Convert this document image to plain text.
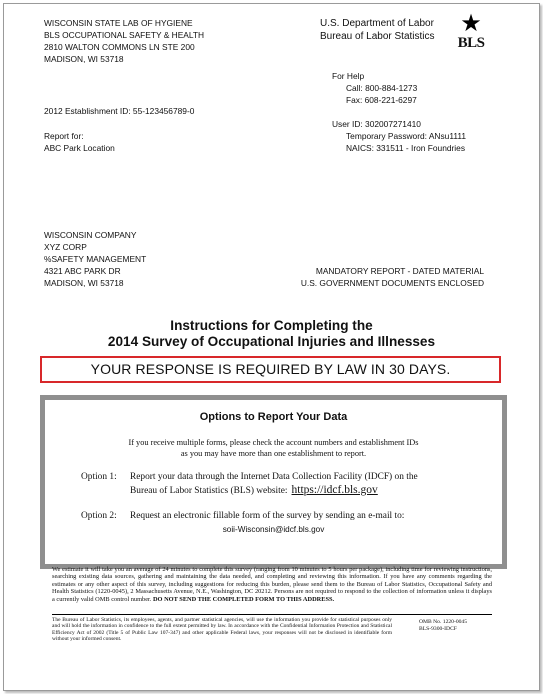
WISCONSIN STATE LAB OF HYGIENE
BLS OCCUPATIONAL SAFETY & HEALTH
2810 WALTON COMMONS LN STE 200
MADISON, WI 53718
U.S. Department of Labor
Bureau of Labor Statistics	★
BLS
For Help
Call: 800-884-1273
Fax: 608-221-6297
2012 Establishment ID: 55-123456789-0
Report for:
ABC Park Location
User ID: 302007271410
Temporary Password: ANsu1111
NAICS: 331511 - Iron Foundries
WISCONSIN COMPANY
XYZ CORP
%SAFETY MANAGEMENT
4321 ABC PARK DR
MADISON, WI 53718
MANDATORY REPORT - DATED MATERIAL
U.S. GOVERNMENT DOCUMENTS ENCLOSED
Instructions for Completing the
2014 Survey of Occupational Injuries and Illnesses
YOUR RESPONSE IS REQUIRED BY LAW IN 30 DAYS.
Options to Report Your Data
If you receive multiple forms, please check the account numbers and establishment IDs
as you may have more than one establishment to report.
Option 1: Report your data through the Internet Data Collection Facility (IDCF) on the
Bureau of Labor Statistics (BLS) website: https://idcf.bls.gov
Option 2: Request an electronic fillable form of the survey by sending an e-mail to:
soii-Wisconsin@idcf.bls.gov
We estimate it will take you an average of 24 minutes to complete this survey (ranging from 10 minutes to 5 hours per package), including time for reviewing instructions, searching existing data sources, gathering and maintaining the data needed, and completing and reviewing this information. If you have any comments regarding the estimates or any other aspect of this survey, including suggestions for reducing this burden, please send them to the Bureau of Labor Statistics, Occupational Safety and Health Statistics (1220-0045), 2 Massachusetts Avenue, N.E., Washington, DC 20212. Persons are not required to respond to the collection of information unless it displays a currently valid OMB control number. DO NOT SEND THE COMPLETED FORM TO THIS ADDRESS.
The Bureau of Labor Statistics, its employees, agents, and partner statistical agencies, will use the information you provide for statistical purposes only and will hold the information in confidence to the full extent permitted by law. In accordance with the Confidential Information Protection and Statistical Efficiency Act of 2002 (Title 5 of Public Law 107-347) and other applicable Federal laws, your responses will not be disclosed in identifiable form without your informed consent.
OMB No. 1220-0045
BLS-9300-IDCF
